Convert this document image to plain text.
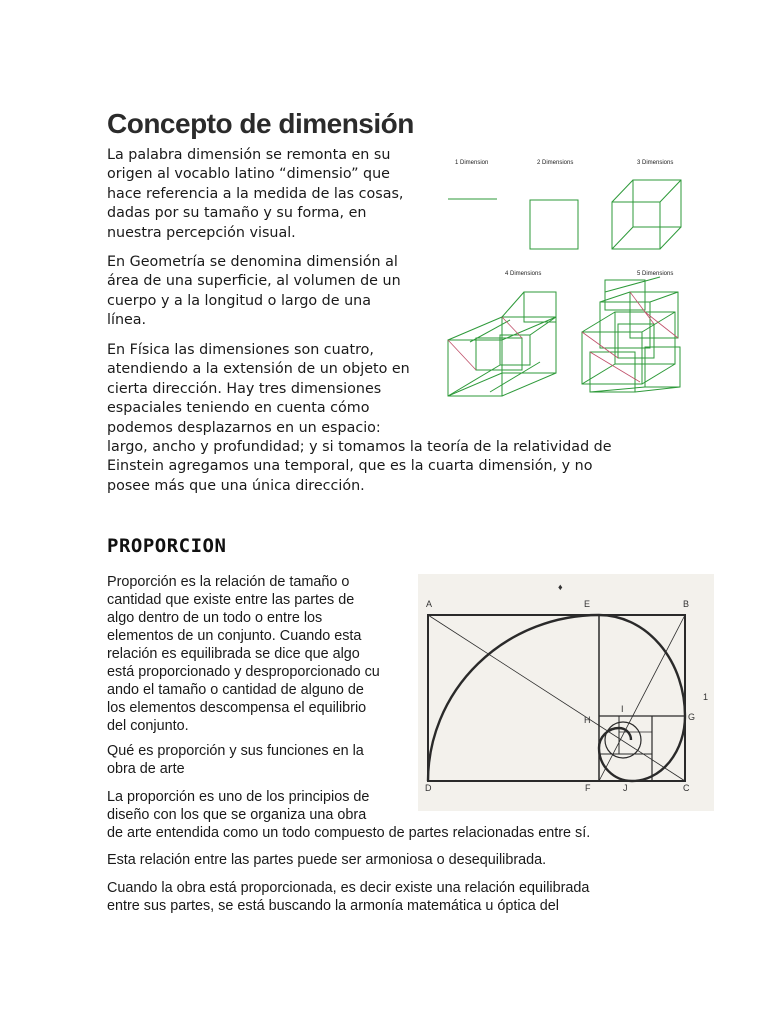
Concepto de dimensión
La palabra dimensión se remonta en su
origen al vocablo latino “dimensio” que
hace referencia a la medida de las cosas,
dadas por su tamaño y su forma, en
nuestra percepción visual.
En Geometría se denomina dimensión al
área de una superficie, al volumen de un
cuerpo y a la longitud o largo de una
línea.
En Física las dimensiones son cuatro,
atendiendo a la extensión de un objeto en
cierta dirección. Hay tres dimensiones
espaciales teniendo en cuenta cómo
podemos desplazarnos en un espacio:
largo, ancho y profundidad; y si tomamos la teoría de la relatividad de
Einstein agregamos una temporal, que es la cuarta dimensión, y no
posee más que una única dirección.
1 Dimension	2 Dimensions	3 Dimensions
4 Dimensions	5 Dimensions
PROPORCION
Proporción es la relación de tamaño o
cantidad que existe entre las partes de
algo dentro de un todo o entre los
elementos de un conjunto. Cuando esta
relación es equilibrada se dice que algo
está proporcionado y desproporcionado cu
ando el tamaño o cantidad de alguno de
los elementos descompensa el equilibrio
del conjunto.
Qué es proporción y sus funciones en la
obra de arte
La proporción es uno de los principios de
diseño con los que se organiza una obra
de arte entendida como un todo compuesto de partes relacionadas entre sí.
Esta relación entre las partes puede ser armoniosa o desequilibrada.
Cuando la obra está proporcionada, es decir existe una relación equilibrada
entre sus partes, se está buscando la armonía matemática u óptica del
A	E	B
D	F	J	C
H
I
G
1
♦
